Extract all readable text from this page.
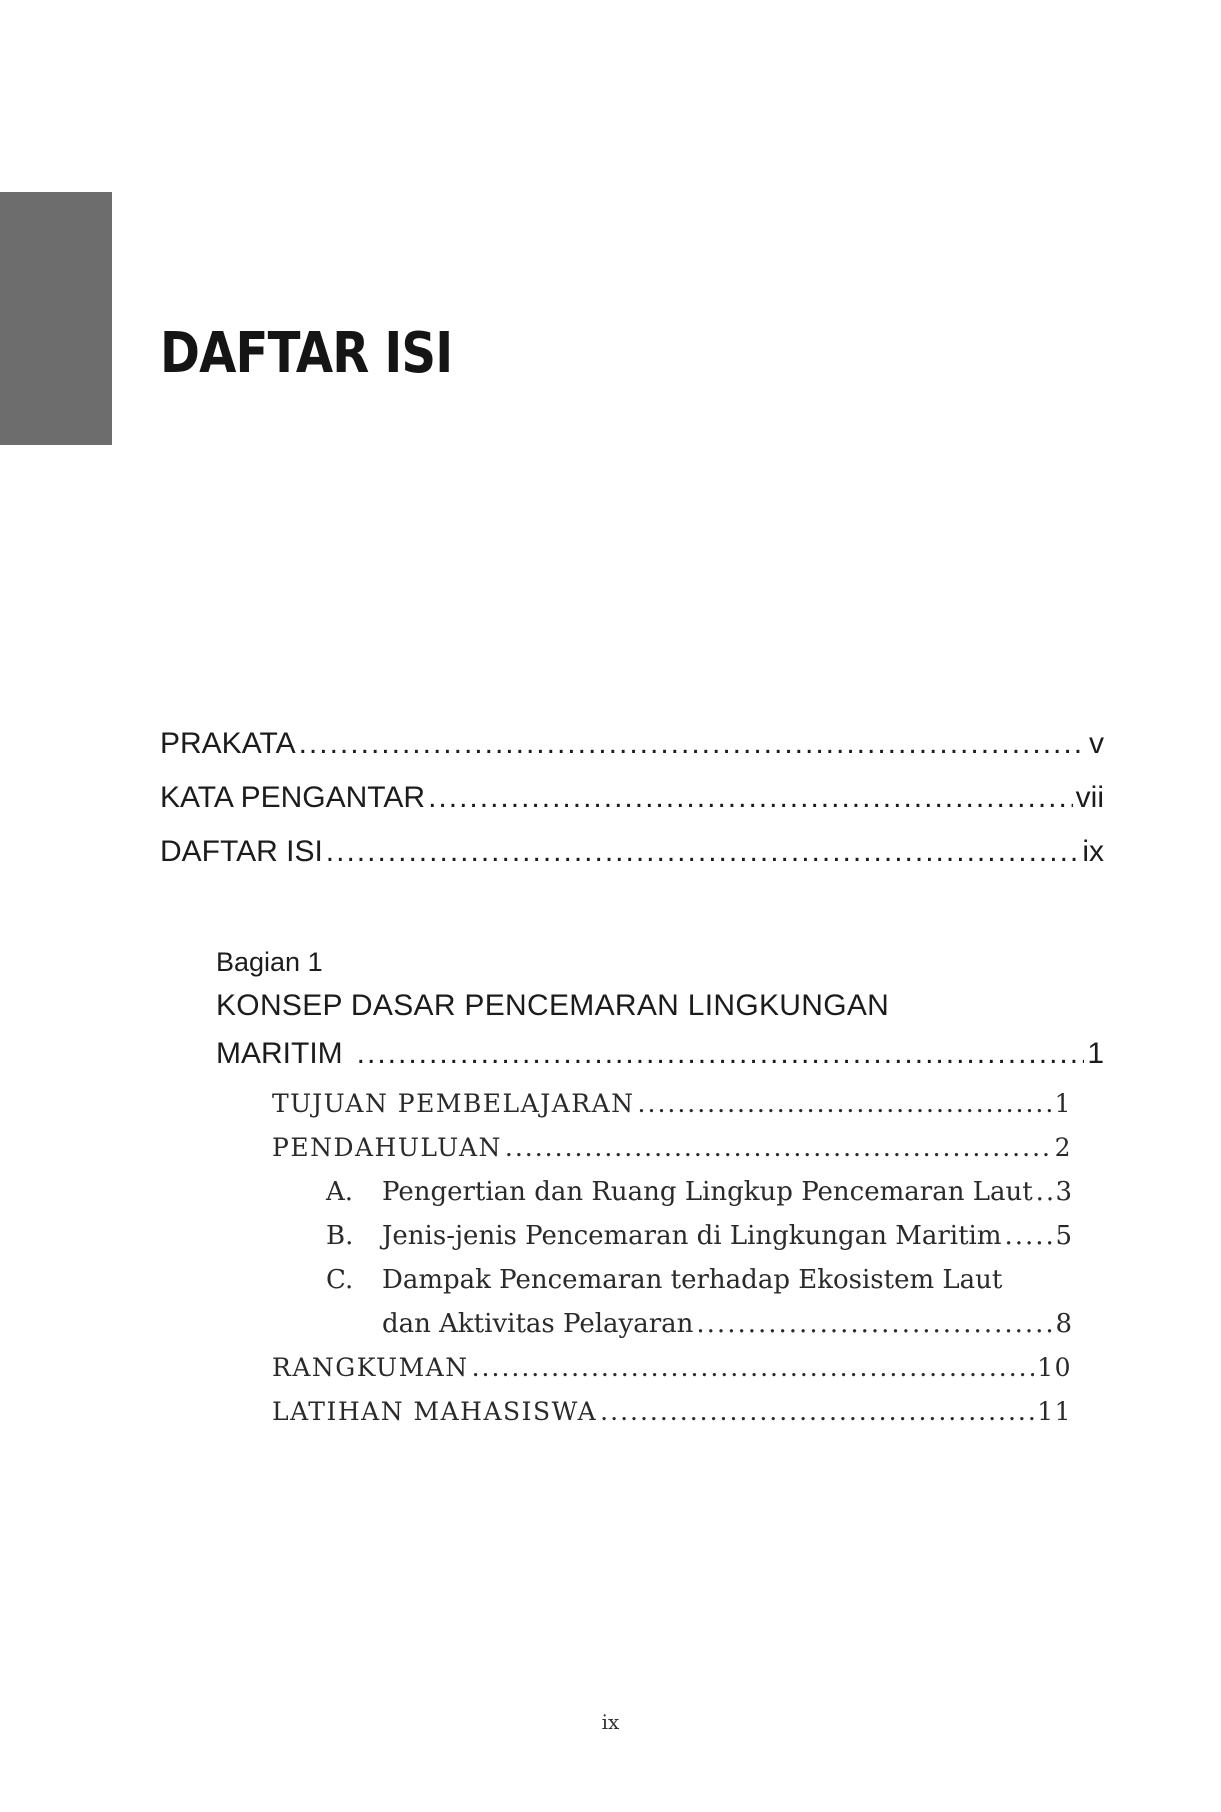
DAFTAR ISI
PRAKATA .....	v
KATA PENGANTAR .....	vii
DAFTAR ISI .....	ix
Bagian 1
KONSEP DASAR PENCEMARAN LINGKUNGAN
MARITIM .....	1
TUJUAN PEMBELAJARAN .....	1
PENDAHULUAN .....	2
A.	Pengertian dan Ruang Lingkup Pencemaran Laut ..... 3
B.	Jenis-jenis Pencemaran di Lingkungan Maritim ..... 5
C. Dampak Pencemaran terhadap Ekosistem Laut
dan Aktivitas Pelayaran .....	8
RANGKUMAN .....	10
LATIHAN MAHASISWA .....	11
ix
